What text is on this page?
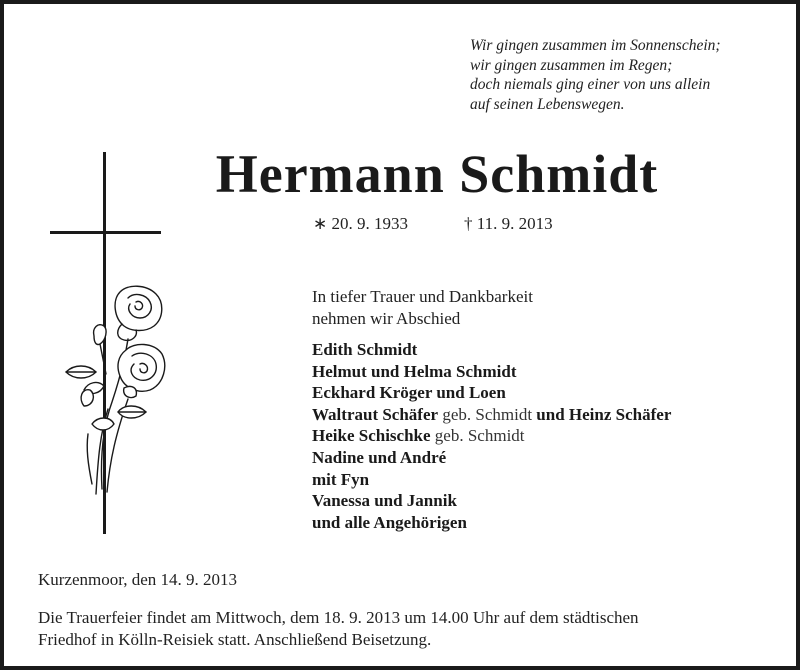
Wir gingen zusammen im Sonnenschein;
wir gingen zusammen im Regen;
doch niemals ging einer von uns allein
auf seinen Lebenswegen.
Hermann Schmidt
∗ 20. 9. 1933	† 11. 9. 2013
In tiefer Trauer und Dankbarkeit
nehmen wir Abschied
Edith Schmidt
Helmut und Helma Schmidt
Eckhard Kröger und Loen
Waltraut Schäfer geb. Schmidt und Heinz Schäfer
Heike Schischke geb. Schmidt
Nadine und André
mit Fyn
Vanessa und Jannik
und alle Angehörigen
Kurzenmoor, den 14. 9. 2013
Die Trauerfeier findet am Mittwoch, dem 18. 9. 2013 um 14.00 Uhr auf dem städtischen
Friedhof in Kölln-Reisiek statt. Anschließend Beisetzung.
